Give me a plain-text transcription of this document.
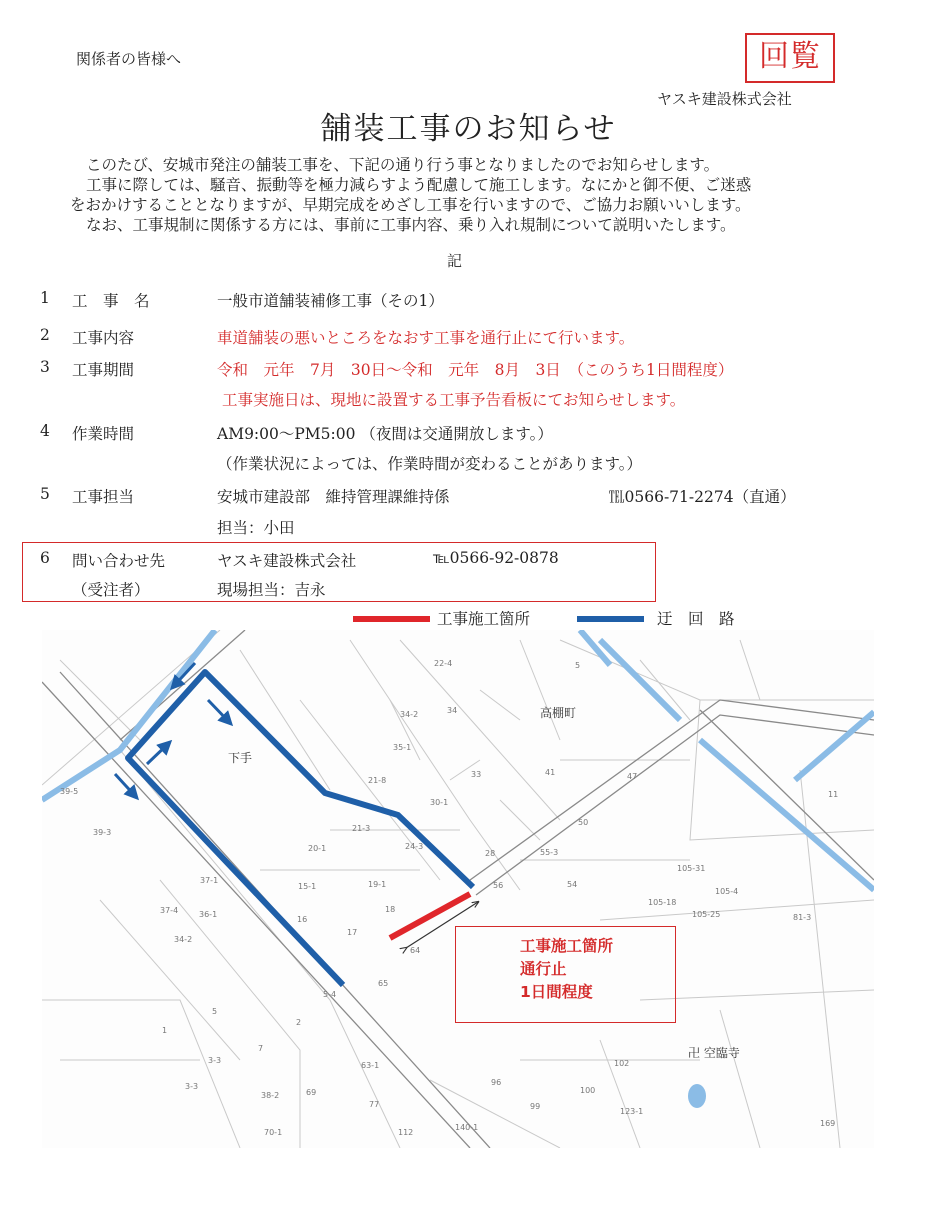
関係者の皆様へ	回覧
ヤスキ建設株式会社
舗装工事のお知らせ

このたび、安城市発注の舗装工事を、下記の通り行う事となりましたのでお知らせします。

工事に際しては、騒音、振動等を極力減らすよう配慮して施工します。なにかと御不便、ご迷惑

をおかけすることとなりますが、早期完成をめざし工事を行いますので、ご協力お願いいします。

なお、工事規制に関係する方には、事前に工事内容、乗り入れ規制について説明いたします。

記
1 工　事　名	一般市道舗装補修工事（その1）
2 工事内容	車道舗装の悪いところをなおす工事を通行止にて行います。
3 工事期間	令和　元年　7月　30日～令和　元年　8月　3日　（このうち1日間程度）
工事実施日は、現地に設置する工事予告看板にてお知らせします。
4 作業時間	AM9:00～PM5:00 （夜間は交通開放します。）
（作業状況によっては、作業時間が変わることがあります。）
5 工事担当	安城市建設部　維持管理課維持係	℡0566-71-2274（直通）
担当：小田
6 問い合わせ先	ヤスキ建設株式会社	℡0566-92-0878
（受注者）	現場担当：吉永
工事施工箇所	迂　回　路
下手
高棚町
卍 空臨寺
22-4	5
34-2	34
35-1
33	41	47
21-8
30-1
50
39-5
39-3
20-1
21-3
24-3
28	55-3
54
56
37-1
15-1	19-1
18
105-31
105-4
105-18
105-25
37-4	36-1
16
17
64
81-3
34-2
65
5-4
5
1
2
7
3-3
63-1
3-3
38-2	69
77
96
99
100
102
70-1	112
140-1
123-1
169
11
工事施工箇所
通行止
1日間程度
